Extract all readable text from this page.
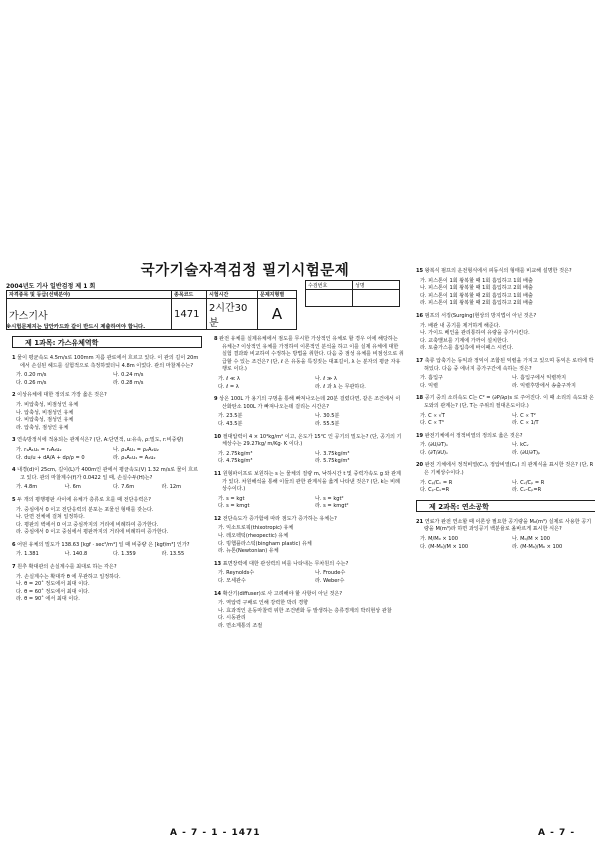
국가기술자격검정 필기시험문제
2004년도 기사 일반검정 제 1 회	수검번호	성명

자격종목 및 등급(선택분야)	종목코드	시험시간	문제지형별
가스기사	1471	2시간30분	A
※시험문제지는 답안카드와 같이 반드시 제출하여야 합니다.
제 1과목: 가스유체역학
1 물이 평균속도 4.5m/s로 100mm 지름 관로에서 흐르고 있다. 이 관의 길이 20m에서 손실된 헤드를 실험적으로 측정하였더니 4.8m 이었다. 관의 마찰계수는?
가. 0.20 m/s	나. 0.24 m/s
다. 0.26 m/s	라. 0.28 m/s
2 이상유체에 대한 정의로 가장 옳은 것은?
가. 비압축성, 비점성인 유체
나. 압축성, 비점성인 유체
다. 비압축성, 점성인 유체
라. 압축성, 점성인 유체
3 연속방정식에 적용되는 관계식은? (단, A:단면적, u:유속, ρ:밀도, r:비중량)
가. r₁A₁u₁ = r₂A₂u₂	나. ρ₁Au₁ = ρ₂A₂u₂
다. du/u + dA/A + dρ/ρ = 0	라. ρ₁A₁u₁ = A₂u₂
4 내경(d)이 25cm, 길이(L)가 400m인 관에서 평균속도(V) 1.32 m/s로 물이 흐르고 있다. 관의 마찰계수(f)가 0.0422 일 때, 손실수두(H)는?
가. 4.8m	나. 6m	다. 7.6m	라. 12m
5 두 개의 평행평판 사이에 유체가 층류로 흐를 때 전단응력은?
가. 중심에서 0 이고 전단응력의 분포는 포물선 형태를 갖는다.
나. 단면 전체에 걸쳐 일정하다.
다. 평판의 벽에서 0 이고 중심까지의 거리에 비례하여 증가한다.
라. 중심에서 0 이고 중심에서 평판까지의 거리에 비례하여 증가한다.
6 어떤 유체의 밀도가 138.63 [kgf · sec²/m⁴] 일 때 비중량 은 [kgf/m³] 인가?
가. 1.381	나. 140.8	다. 1.359	라. 13.55
7 원추 확대관의 손실계수를 최대로 하는 각은?
가. 손실계수는 확대각 θ 에 무관하고 일정하다.
나. θ = 20˚ 정도에서 최대 이다.
다. θ = 60˚ 정도에서 최대 이다.
라. θ = 90˚ 에서 최대 이다.
8 완전 유체를 실제유체에서 점도를 무시한 가상적인 유체로 할 경우 이에 해당하는 유체는? 이상적인 유체를 가정하여 이론적인 분석을 하고 이를 실제 유체에 대한 실험 결과와 비교하여 수정하는 방법을 취한다. 다음 중 점성 유체를 비점성으로 취급할 수 있는 조건은? (단, ℓ 은 유동을 특징짓는 대표길이, λ 는 분자의 평균 자유행로 이다.)
가. ℓ ≪ λ	나. ℓ ≫ λ
다. ℓ = λ	라. ℓ 과 λ 는 무관하다.
9 상온 100L 가 용기의 구멍을 통해 빠져나오는데 20분 걸렸다면, 같은 조건에서 이산화탄소 100L 가 빠져나오는데 걸리는 시간은?
가. 23.5분	나. 30.5분
다. 43.5분	라. 55.5분
10 절대압력이 4 × 10⁴kg/m² 이고, 온도가 15℃ 인 공기의 밀도는? (단, 공기의 기체상수는 29.27kg/ m/Kg· K 이다.)
가. 2.75kg/m³	나. 3.75kg/m³
다. 4.75kg/m³	라. 5.75kg/m³
11 원형파이프로 보원하는 s 는 물체의 질량 m, 낙하시간 t 및 중력가속도 g 와 관계가 있다. 차원해석을 통해 이들의 관한 관계식을 옳게 나타낸 것은? (단, k는 비례상수이다.)
가. s = kgt	나. s = kgt²
다. s = kmgt	라. s = kmgt²
12 전단속도가 증가함에 따라 점도가 증가하는 유체는?
가. 익소트로픽(thixotropic) 유체
나. 레오펙틱(rheopectic) 유체
다. 빙햄플라스틱(bingham plastic) 유체
라. 뉴톤(Newtonian) 유체
13 표면장력에 대한 관성력의 비를 나타내는 무차원의 수는?
가. Reynolds수	나. Froude수
다. 모세관수	라. Weber수
14 확산기(diffuser)로 사 고려해야 할 사항이 아닌 것은?
가. 역압력 구배로 인해 강력한 박리 경향
나. 효과적인 운동마찰력 위한 조건변화 등 발생하는 층류경계의 박리현상 관찰
다. 시동관리
라. 면소계통의 조절
15 왕복식 펌프의 운전형식에서 피동식의 형태를 비교해 설명한 것은?
가. 피스톤이 1회 왕복할 때 1회 흡입하고 1회 배출
나. 피스톤이 1회 왕복할 때 1회 흡입하고 2회 배출
다. 피스톤이 1회 왕복할 때 2회 흡입하고 1회 배출
라. 피스톤이 1회 왕복할 때 2회 흡입하고 2회 배출
16 펌프의 서징(Surging)현상의 방지법이 아닌 것은?
가. 배관 내 공기를 제거하게 해준다.
나. 가이드 베인을 관리통하여 유량을 증가시킨다.
다. 교축밸브를 기계에 가까이 설치한다.
라. 토출가스를 흡입측에 바이패스 시킨다.
17 축류 압축기는 동익과 정익이 조합된 익렬을 가지고 있으며 동익은 로터에 박혀있다. 다음 중 에너지 증가구간에 속하는 것은?
가. 흡입구	나. 흡입구에서 익렬까지
다. 익렬	라. 익렬후방에서 송출구까지
18 공기 중의 소리속도 C는 C² = (∂P/∂ρ)s 로 주어진다. 이 때 소리의 속도와 온도와의 관계는? (단, T는 주위의 절대온도이다.)
가. C ∝ √T	나. C ∝ T²
다. C ∝ T³	라. C ∝ 1/T
19 완전기체에서 정적비열의 정의로 옳은 것은?
가. (∂U/∂T)ᵥ	나. kCᵥ
다. (∂T/∂U)ᵥ	라. (∂U/∂T)ₚ
20 완전 기체에서 정적비열(Cᵥ), 정압비열(Cₚ) 의 관계식을 표시한 것은? (단, R은 기체상수이다.)
가. Cₚ/Cᵥ = R	나. Cᵥ/Cₚ = R
다. Cₚ-Cᵥ=R	라. Cᵥ-Cₚ=R
제 2과목: 연소공학
21 연료가 완전 연소할 때 이론상 필요한 공기량을 M₀(m³) 실제로 사용한 공기량을 M(m³)라 하면 과잉공기 백분율로 올바르게 표시한 식은?
가. M/M₀ × 100	나. M₀/M × 100
다. (M-M₀)/M × 100	라. (M-M₀)/M₀ × 100
A - 7 - 1 - 1471	A - 7 -
